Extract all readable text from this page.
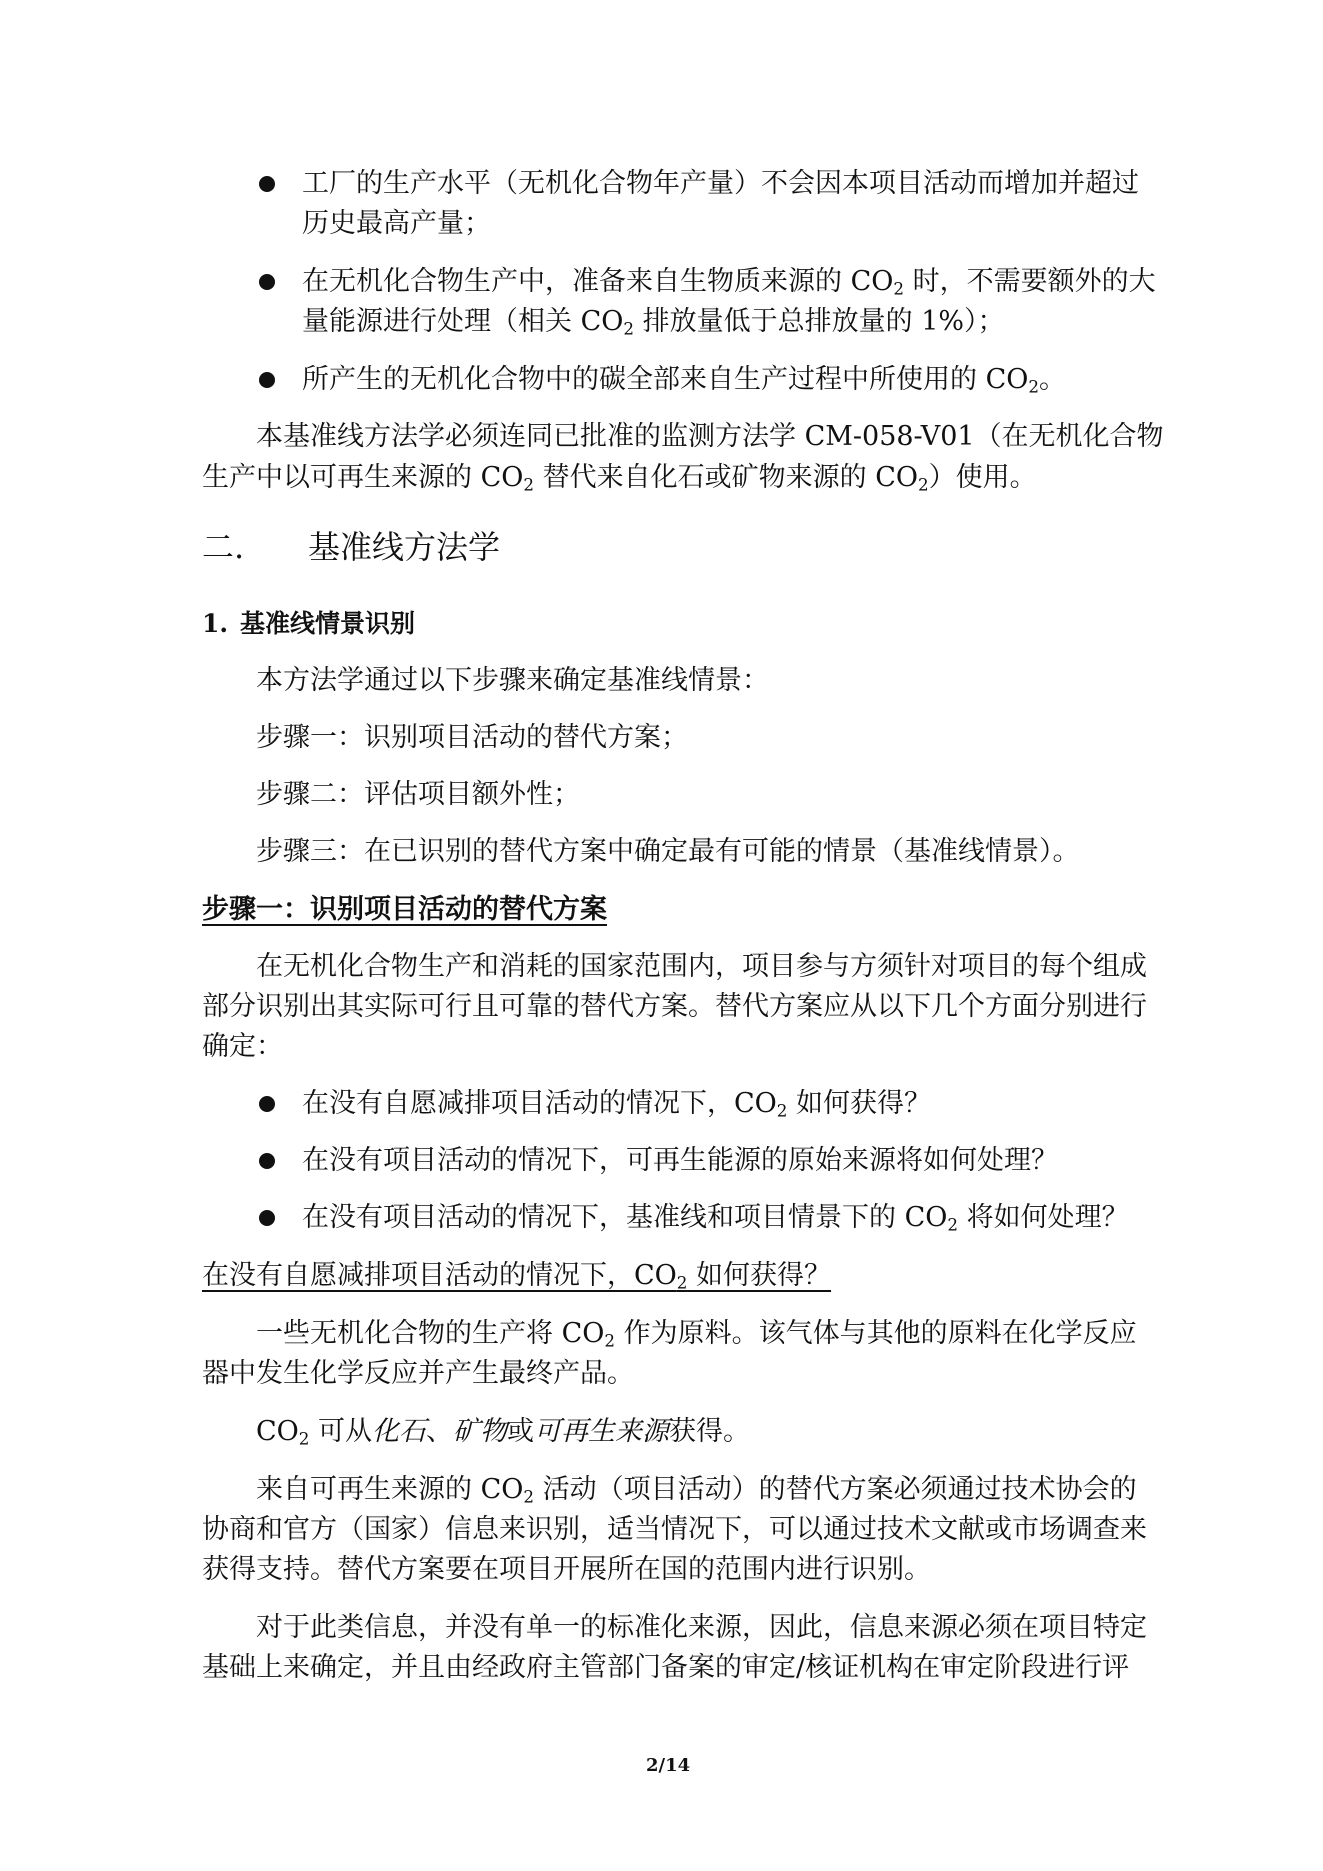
工厂的生产水平（无机化合物年产量）不会因本项目活动而增加并超过
历史最高产量；
在无机化合物生产中，准备来自生物质来源的 $CO_2$ 时，不需要额外的大
量能源进行处理（相关 $CO_2$ 排放量低于总排放量的 1%）；
所产生的无机化合物中的碳全部来自生产过程中所使用的 $CO_2$。
本基准线方法学必须连同已批准的监测方法学 CM-058-V01（在无机化合物
生产中以可再生来源的 $CO_2$ 替代来自化石或矿物来源的 $CO_2$）使用。
二. 基准线方法学
1. 基准线情景识别
本方法学通过以下步骤来确定基准线情景：
步骤一：识别项目活动的替代方案；
步骤二：评估项目额外性；
步骤三：在已识别的替代方案中确定最有可能的情景（基准线情景）。
步骤一：识别项目活动的替代方案
在无机化合物生产和消耗的国家范围内，项目参与方须针对项目的每个组成
部分识别出其实际可行且可靠的替代方案。替代方案应从以下几个方面分别进行
确定：
在没有自愿减排项目活动的情况下，$CO_2$ 如何获得？
在没有项目活动的情况下，可再生能源的原始来源将如何处理？
在没有项目活动的情况下，基准线和项目情景下的 $CO_2$ 将如何处理？
在没有自愿减排项目活动的情况下，$CO_2$ 如何获得？
一些无机化合物的生产将 $CO_2$ 作为原料。该气体与其他的原料在化学反应
器中发生化学反应并产生最终产品。
$CO_2$ 可从化石、矿物或可再生来源获得。
来自可再生来源的 $CO_2$ 活动（项目活动）的替代方案必须通过技术协会的
协商和官方（国家）信息来识别，适当情况下，可以通过技术文献或市场调查来
获得支持。替代方案要在项目开展所在国的范围内进行识别。
对于此类信息，并没有单一的标准化来源，因此，信息来源必须在项目特定
基础上来确定，并且由经政府主管部门备案的审定/核证机构在审定阶段进行评
2/14
